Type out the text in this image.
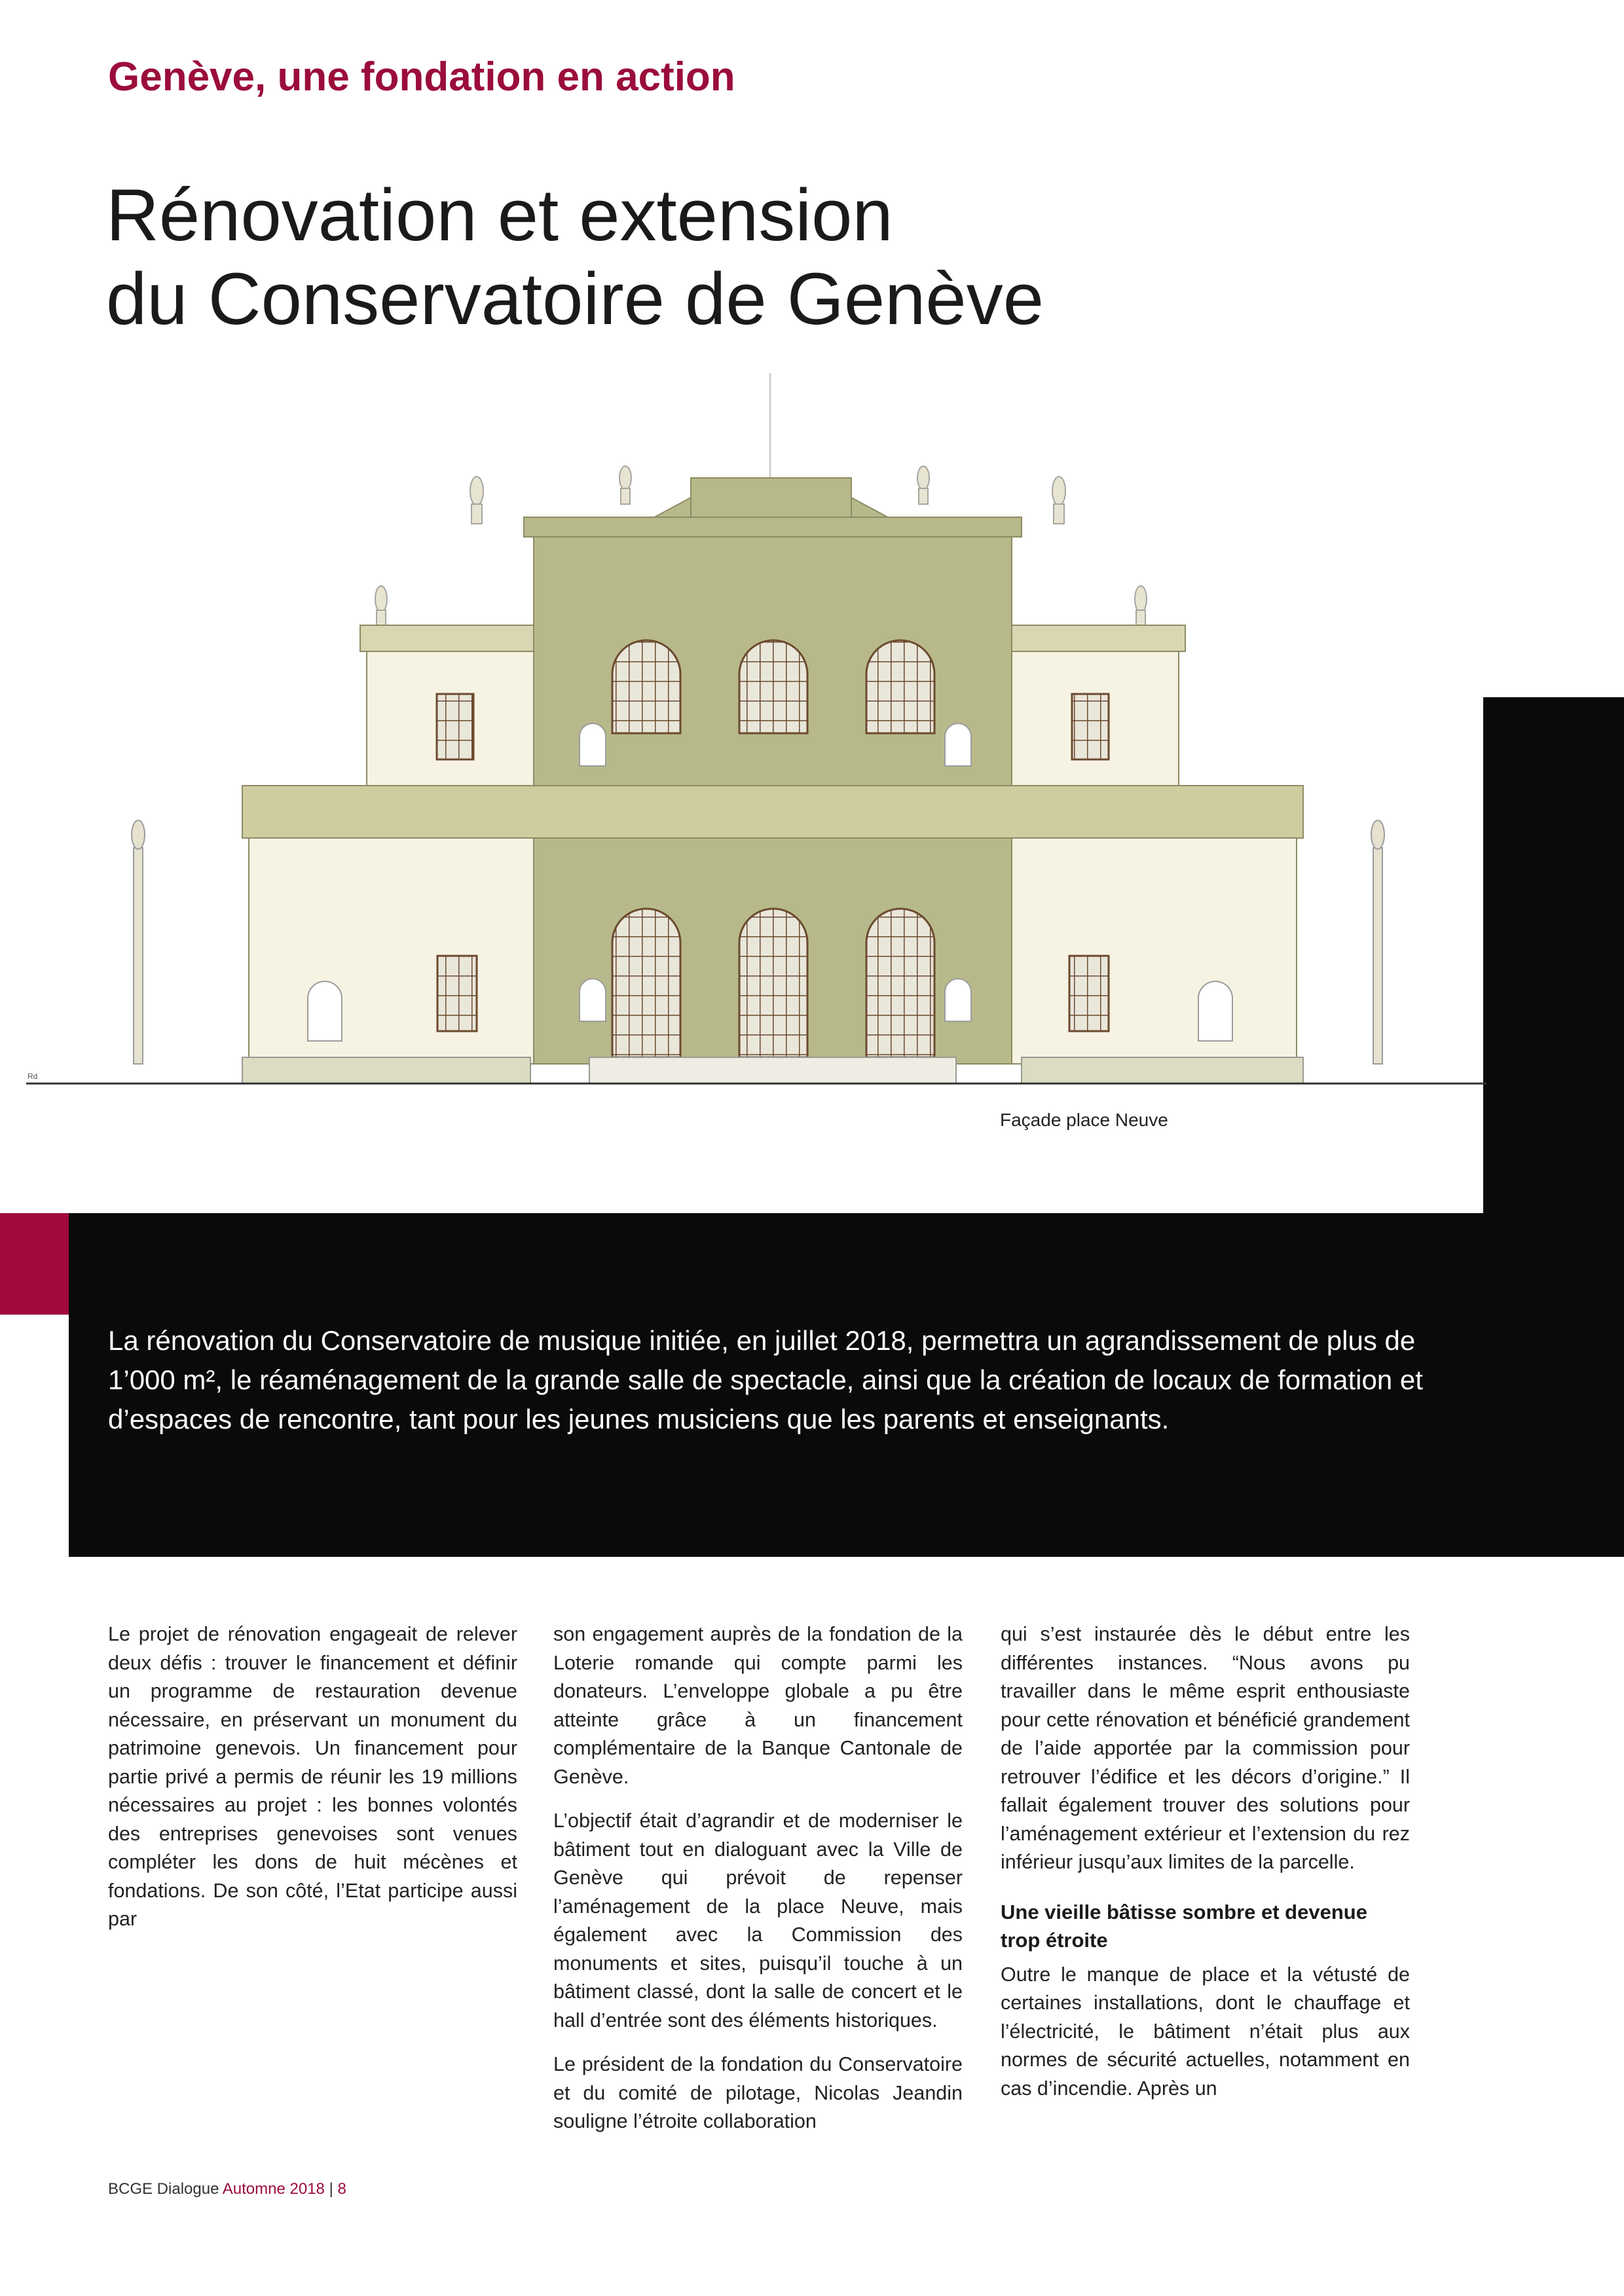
Genève, une fondation en action
Rénovation et extension
du Conservatoire de Genève
Rd
Façade place Neuve

La rénovation du Conservatoire de musique initiée, en juillet 2018, permettra un agrandissement de plus de 1’000 m², le réaménagement de la grande salle de spectacle, ainsi que la création de locaux de formation et d’espaces de rencontre, tant pour les jeunes musiciens que les parents et enseignants.

Le projet de rénovation engageait de relever deux défis : trouver le financement et définir un programme de restauration devenue nécessaire, en préservant un monument du patrimoine genevois. Un financement pour partie privé a permis de réunir les 19 millions nécessaires au projet : les bonnes volontés des entreprises genevoises sont venues compléter les dons de huit mécènes et fondations. De son côté, l’Etat participe aussi par

son engagement auprès de la fondation de la Loterie romande qui compte parmi les donateurs. L’enveloppe globale a pu être atteinte grâce à un financement complémentaire de la Banque Cantonale de Genève.

L’objectif était d’agrandir et de moderniser le bâtiment tout en dialoguant avec la Ville de Genève qui prévoit de repenser l’aménagement de la place Neuve, mais également avec la Commission des monuments et sites, puisqu’il touche à un bâtiment classé, dont la salle de concert et le hall d’entrée sont des éléments historiques.

Le président de la fondation du Conservatoire et du comité de pilotage, Nicolas Jeandin souligne l’étroite collaboration

qui s’est instaurée dès le début entre les différentes instances. “Nous avons pu travailler dans le même esprit enthousiaste pour cette rénovation et bénéficié grandement de l’aide apportée par la commission pour retrouver l’édifice et les décors d’origine.” Il fallait également trouver des solutions pour l’aménagement extérieur et l’extension du rez inférieur jusqu’aux limites de la parcelle.

Une vieille bâtisse sombre et devenue trop étroite

Outre le manque de place et la vétusté de certaines installations, dont le chauffage et l’électricité, le bâtiment n’était plus aux normes de sécurité actuelles, notamment en cas d’incendie. Après un

BCGE Dialogue Automne 2018 | 8
